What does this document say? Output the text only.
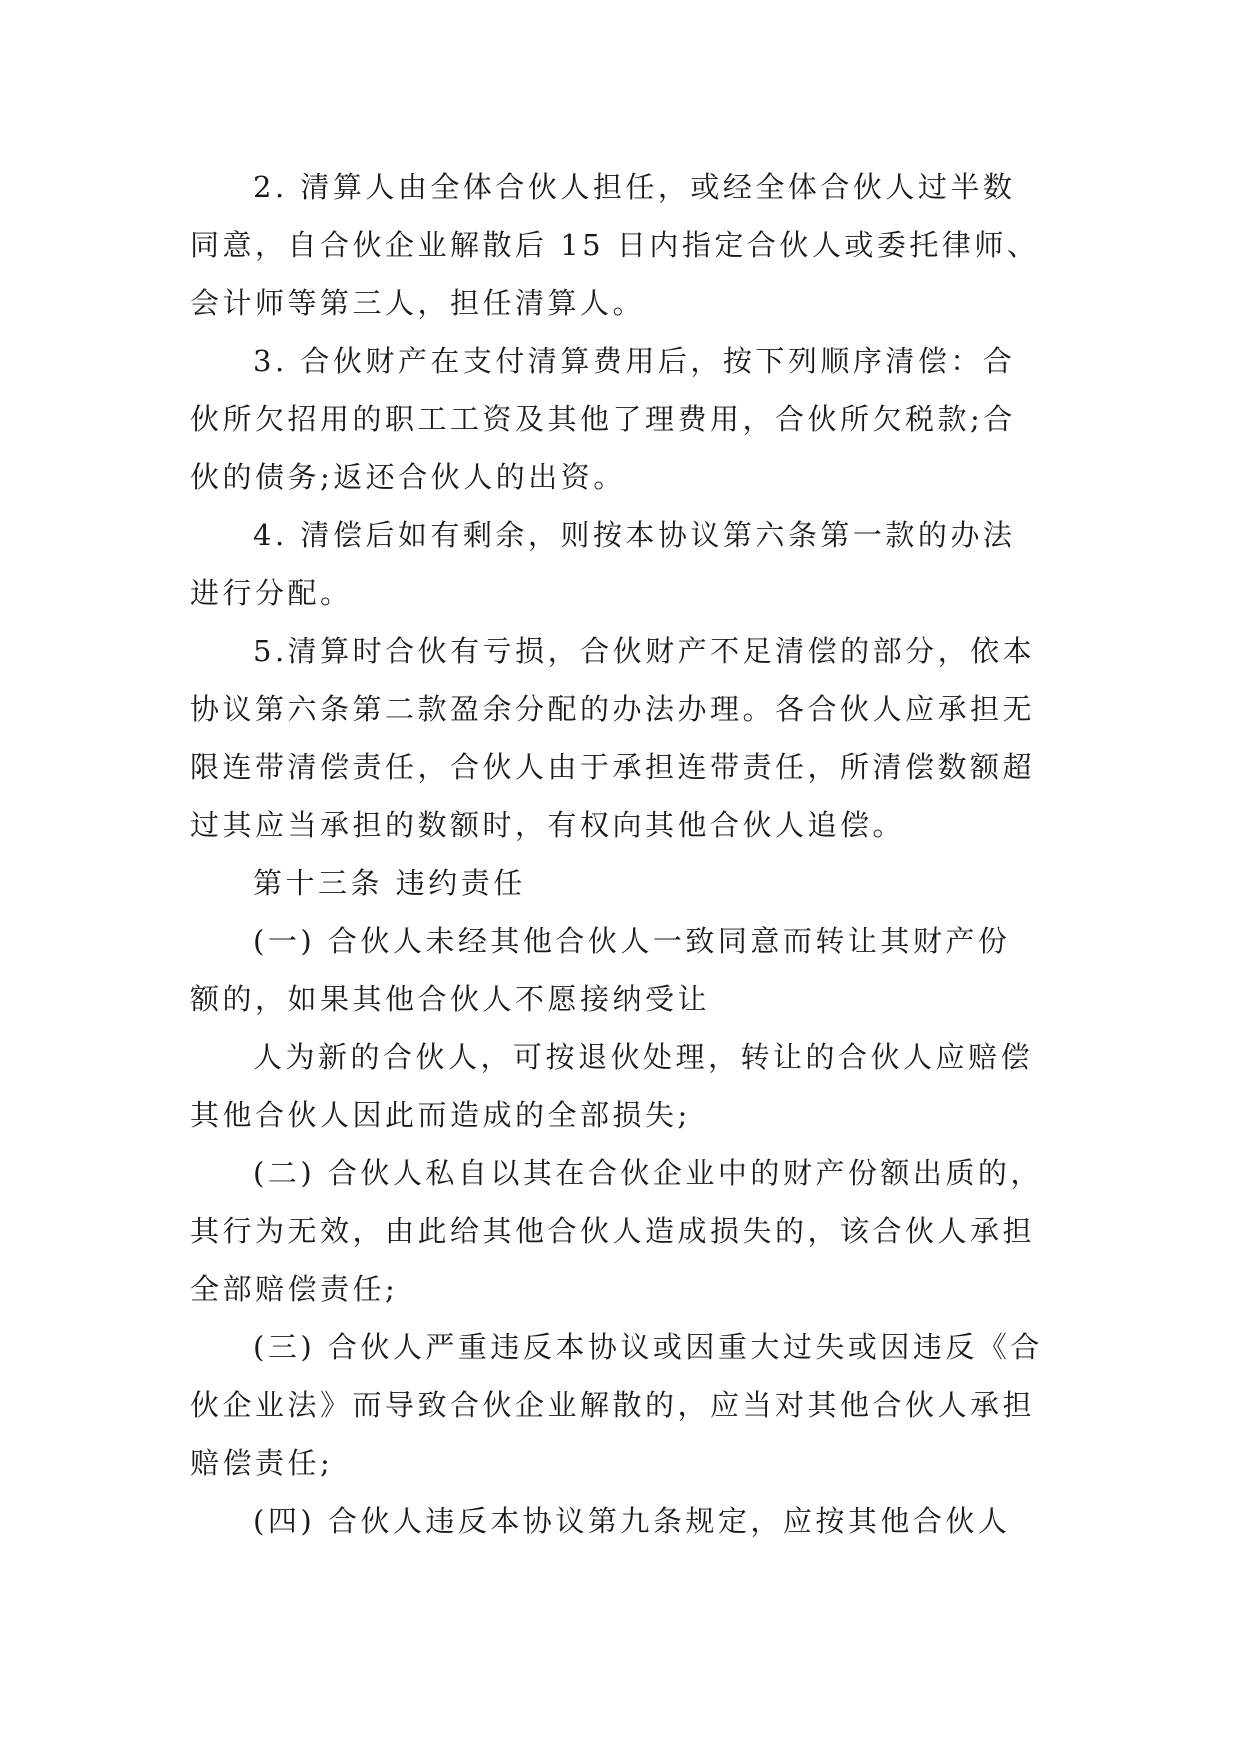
2. 清算人由全体合伙人担任，或经全体合伙人过半数
同意，自合伙企业解散后 15 日内指定合伙人或委托律师、
会计师等第三人，担任清算人。
3. 合伙财产在支付清算费用后，按下列顺序清偿：合
伙所欠招用的职工工资及其他了理费用，合伙所欠税款;合
伙的债务;返还合伙人的出资。
4. 清偿后如有剩余，则按本协议第六条第一款的办法
进行分配。
5.清算时合伙有亏损，合伙财产不足清偿的部分，依本
协议第六条第二款盈余分配的办法办理。各合伙人应承担无
限连带清偿责任，合伙人由于承担连带责任，所清偿数额超
过其应当承担的数额时，有权向其他合伙人追偿。
第十三条 违约责任
(一) 合伙人未经其他合伙人一致同意而转让其财产份
额的，如果其他合伙人不愿接纳受让
人为新的合伙人，可按退伙处理，转让的合伙人应赔偿
其他合伙人因此而造成的全部损失;
(二) 合伙人私自以其在合伙企业中的财产份额出质的，
其行为无效，由此给其他合伙人造成损失的，该合伙人承担
全部赔偿责任;
(三) 合伙人严重违反本协议或因重大过失或因违反《合
伙企业法》而导致合伙企业解散的，应当对其他合伙人承担
赔偿责任;
(四) 合伙人违反本协议第九条规定，应按其他合伙人
